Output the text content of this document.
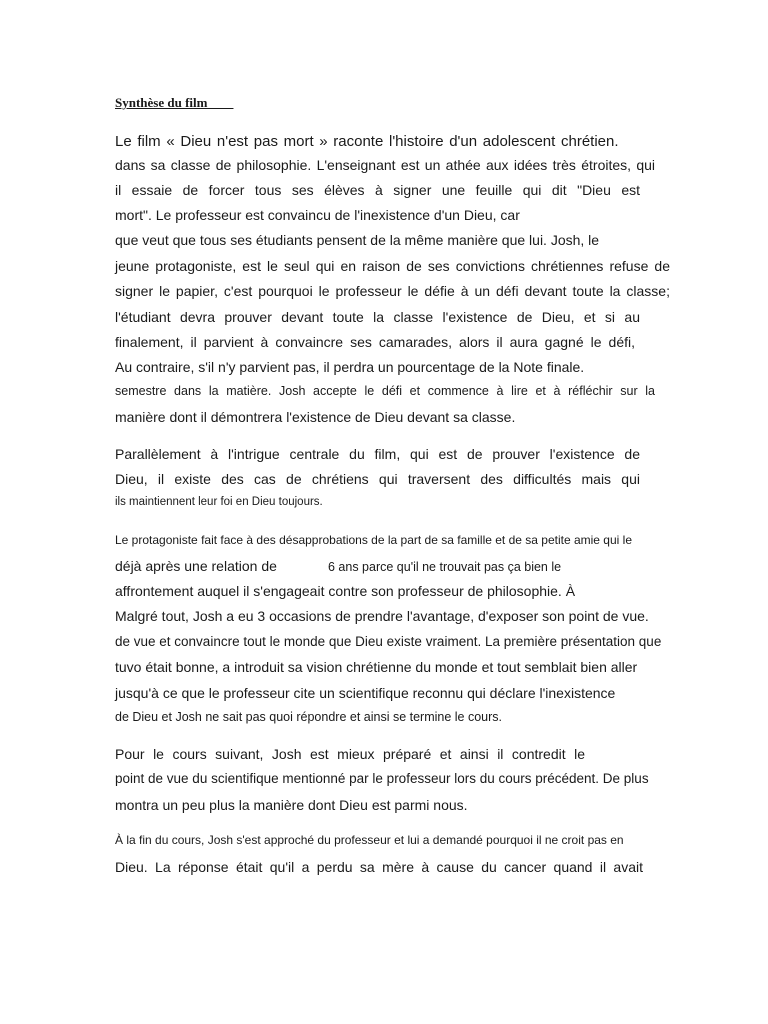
Synthèse du film
Le film « Dieu n'est pas mort » raconte l'histoire d'un adolescent chrétien.
dans sa classe de philosophie. L'enseignant est un athée aux idées très étroites, qui
il essaie de forcer tous ses élèves à signer une feuille qui dit "Dieu est
mort". Le professeur est convaincu de l'inexistence d'un Dieu, car
que veut que tous ses étudiants pensent de la même manière que lui. Josh, le
jeune protagoniste, est le seul qui en raison de ses convictions chrétiennes refuse de
signer le papier, c'est pourquoi le professeur le défie à un défi devant toute la classe;
l'étudiant devra prouver devant toute la classe l'existence de Dieu, et si au
finalement, il parvient à convaincre ses camarades, alors il aura gagné le défi,
Au contraire, s'il n'y parvient pas, il perdra un pourcentage de la Note finale.
semestre dans la matière. Josh accepte le défi et commence à lire et à réfléchir sur la
manière dont il démontrera l'existence de Dieu devant sa classe.
Parallèlement à l'intrigue centrale du film, qui est de prouver l'existence de
Dieu, il existe des cas de chrétiens qui traversent des difficultés mais qui
ils maintiennent leur foi en Dieu toujours.
Le protagoniste fait face à des désapprobations de la part de sa famille et de sa petite amie qui le
déjà après une relation de	6 ans parce qu'il ne trouvait pas ça bien le
affrontement auquel il s'engageait contre son professeur de philosophie. À
Malgré tout, Josh a eu 3 occasions de prendre l'avantage, d'exposer son point de vue.
de vue et convaincre tout le monde que Dieu existe vraiment. La première présentation que
tuvo était bonne, a introduit sa vision chrétienne du monde et tout semblait bien aller
jusqu'à ce que le professeur cite un scientifique reconnu qui déclare l'inexistence
de Dieu et Josh ne sait pas quoi répondre et ainsi se termine le cours.
Pour le cours suivant, Josh est mieux préparé et ainsi il contredit le
point de vue du scientifique mentionné par le professeur lors du cours précédent. De plus
montra un peu plus la manière dont Dieu est parmi nous.
À la fin du cours, Josh s'est approché du professeur et lui a demandé pourquoi il ne croit pas en
Dieu. La réponse était qu'il a perdu sa mère à cause du cancer quand il avait
